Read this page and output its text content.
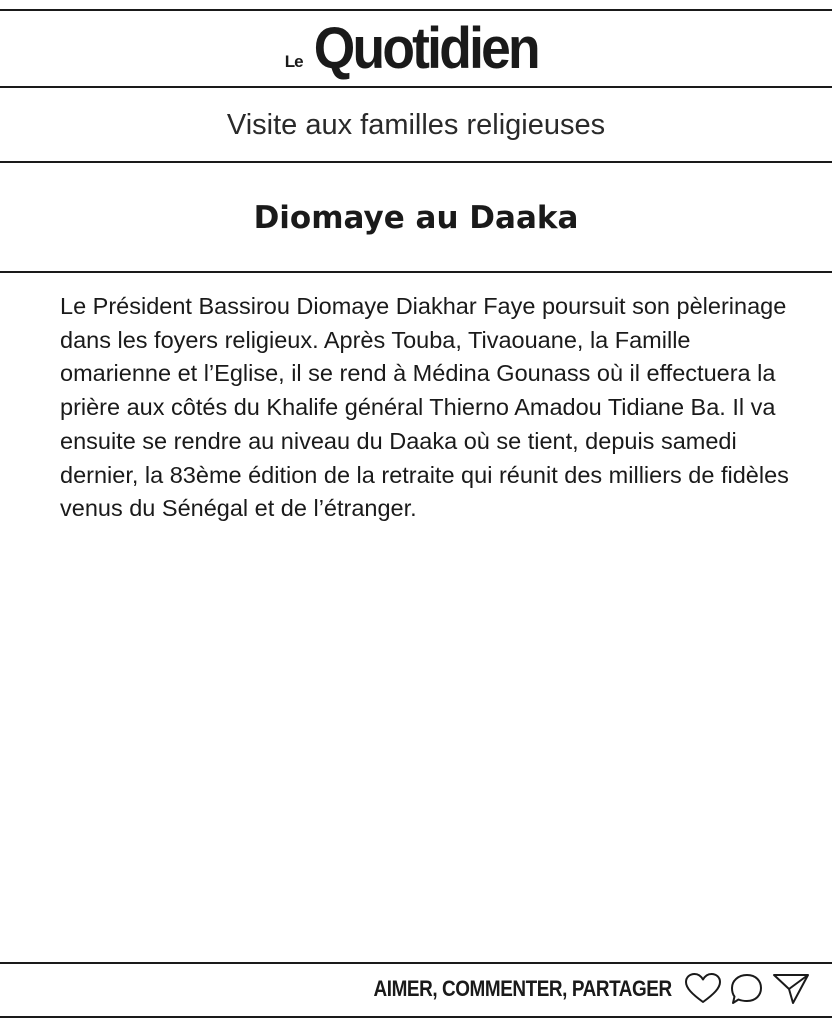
Le Quotidien
Visite aux familles religieuses
Diomaye au Daaka

Le Président Bassirou Diomaye Diakhar Faye poursuit son pèlerinage dans les foyers religieux. Après Touba, Tivaouane, la Famille omarienne et l’Eglise, il se rend à Médina Gounass où il effectuera la prière aux côtés du Khalife général Thierno Amadou Tidiane Ba. Il va ensuite se rendre au niveau du Daaka où se tient, depuis samedi dernier, la 83ème édition de la retraite qui réunit des milliers de fidèles venus du Sénégal et de l’étranger.

AIMER, COMMENTER, PARTAGER
